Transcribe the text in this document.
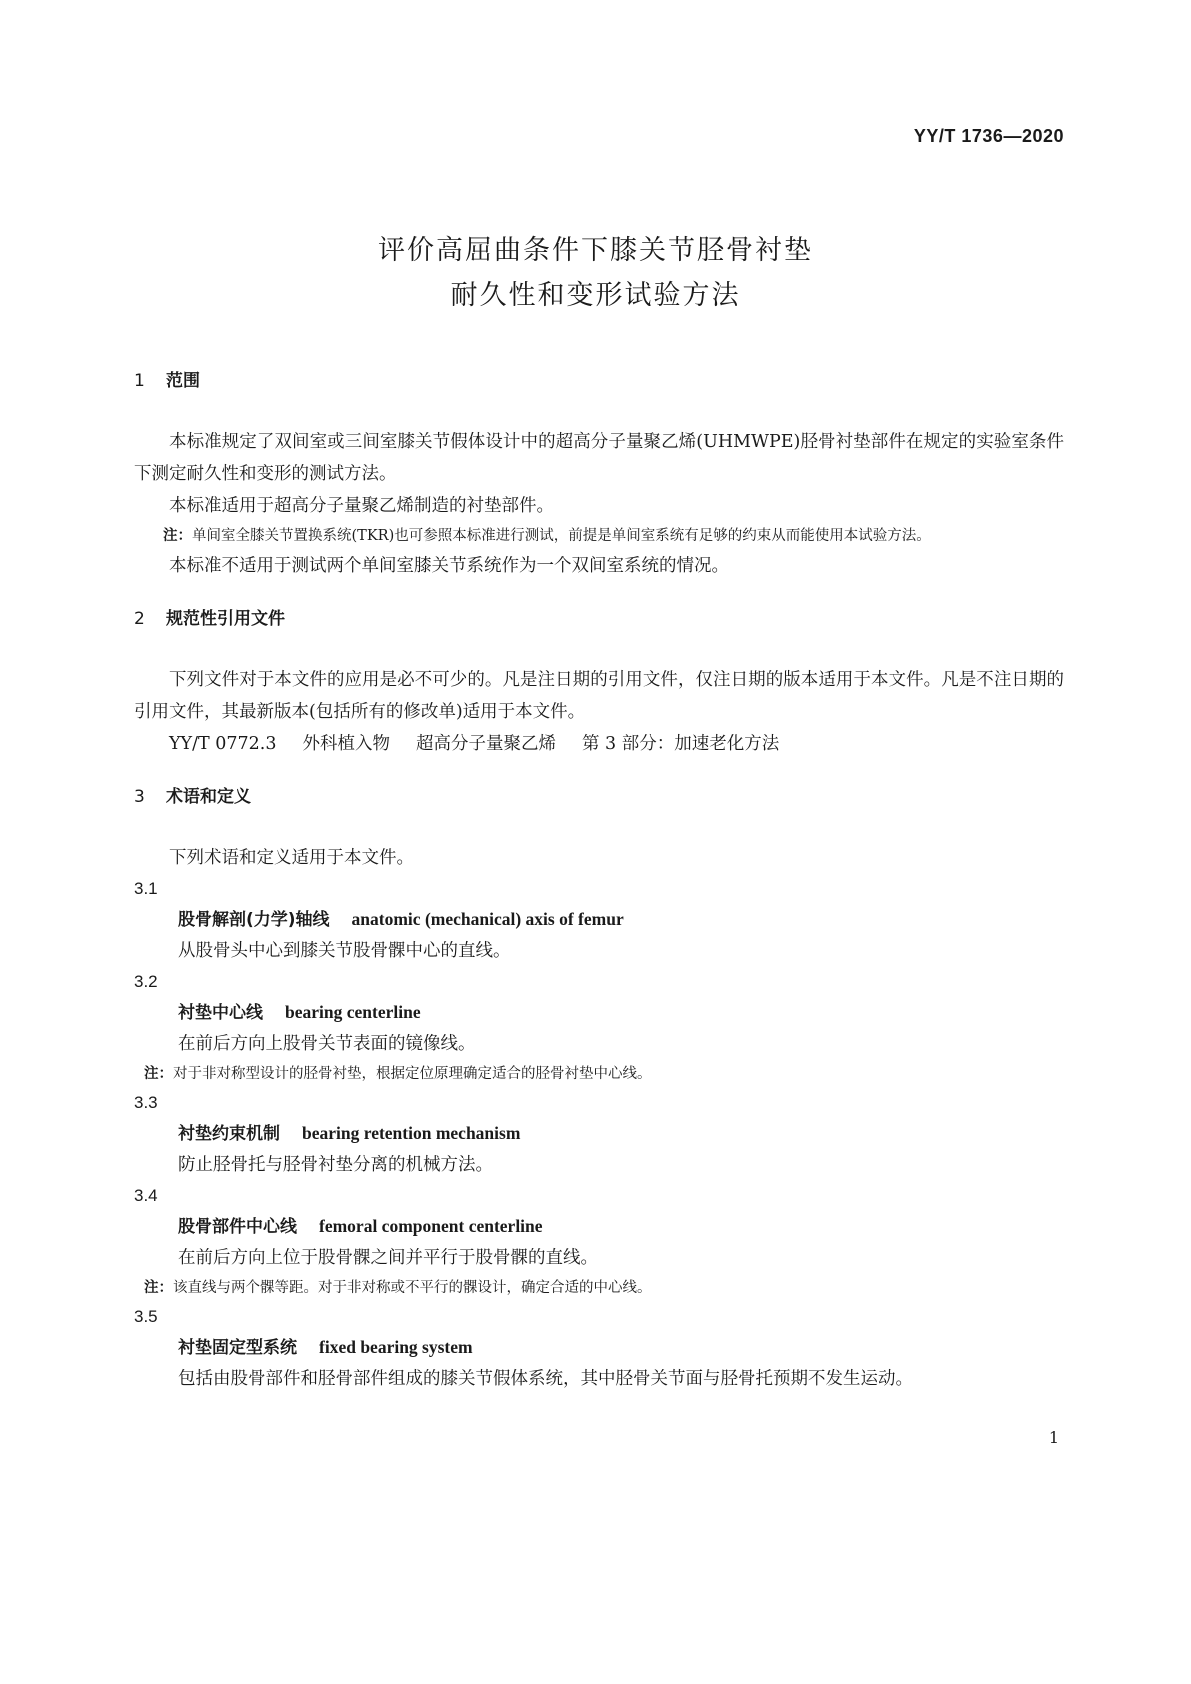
YY/T 1736—2020
评价高屈曲条件下膝关节胫骨衬垫
耐久性和变形试验方法
1 范围
本标准规定了双间室或三间室膝关节假体设计中的超高分子量聚乙烯(UHMWPE)胫骨衬垫部件在规定的实验室条件下测定耐久性和变形的测试方法。
本标准适用于超高分子量聚乙烯制造的衬垫部件。
注：单间室全膝关节置换系统(TKR)也可参照本标准进行测试，前提是单间室系统有足够的约束从而能使用本试验方法。
本标准不适用于测试两个单间室膝关节系统作为一个双间室系统的情况。
2 规范性引用文件
下列文件对于本文件的应用是必不可少的。凡是注日期的引用文件，仅注日期的版本适用于本文件。凡是不注日期的引用文件，其最新版本(包括所有的修改单)适用于本文件。
YY/T 0772.3 外科植入物 超高分子量聚乙烯 第 3 部分：加速老化方法
3 术语和定义
下列术语和定义适用于本文件。
3.1
股骨解剖(力学)轴线 anatomic (mechanical) axis of femur
从股骨头中心到膝关节股骨髁中心的直线。
3.2
衬垫中心线 bearing centerline
在前后方向上股骨关节表面的镜像线。
注：对于非对称型设计的胫骨衬垫，根据定位原理确定适合的胫骨衬垫中心线。
3.3
衬垫约束机制 bearing retention mechanism
防止胫骨托与胫骨衬垫分离的机械方法。
3.4
股骨部件中心线 femoral component centerline
在前后方向上位于股骨髁之间并平行于股骨髁的直线。
注：该直线与两个髁等距。对于非对称或不平行的髁设计，确定合适的中心线。
3.5
衬垫固定型系统 fixed bearing system
包括由股骨部件和胫骨部件组成的膝关节假体系统，其中胫骨关节面与胫骨托预期不发生运动。
1
